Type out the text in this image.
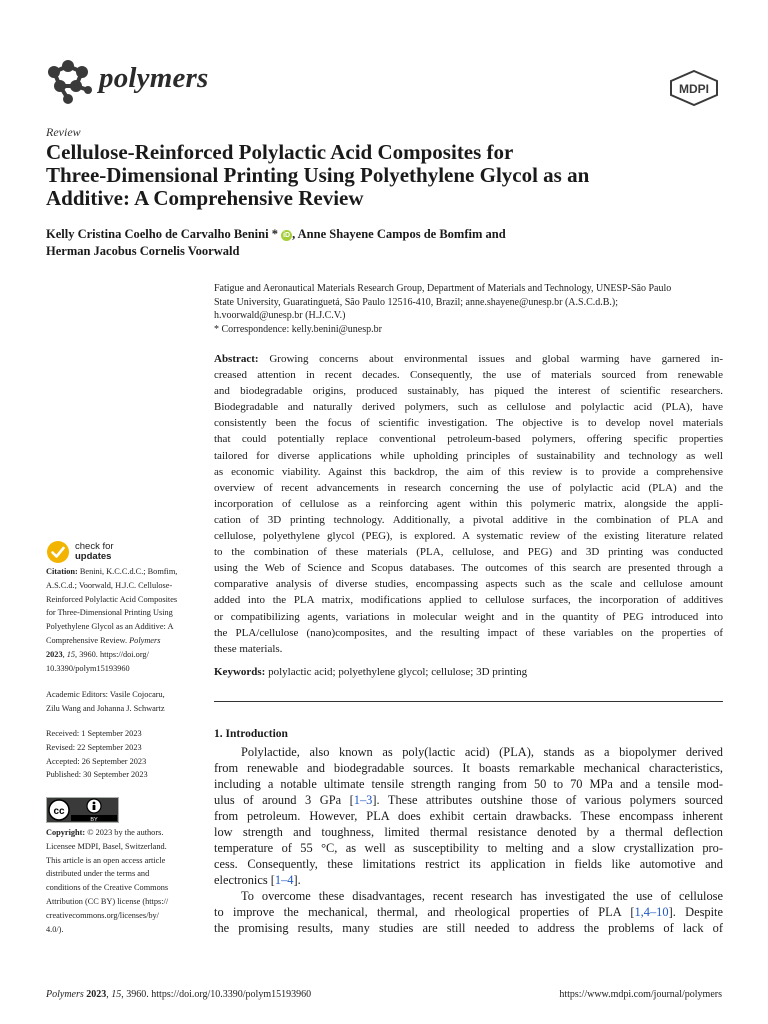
polymers	MDPI
Review
Cellulose-Reinforced Polylactic Acid Composites for
Three-Dimensional Printing Using Polyethylene Glycol as an
Additive: A Comprehensive Review
Kelly Cristina Coelho de Carvalho Benini * iD , Anne Shayene Campos de Bomfim and
Herman Jacobus Cornelis Voorwald
Fatigue and Aeronautical Materials Research Group, Department of Materials and Technology, UNESP-São Paulo
State University, Guaratinguetá, São Paulo 12516-410, Brazil; anne.shayene@unesp.br (A.S.C.d.B.);
h.voorwald@unesp.br (H.J.C.V.)
* Correspondence: kelly.benini@unesp.br
Abstract: Growing concerns about environmental issues and global warming have garnered in-
creased attention in recent decades. Consequently, the use of materials sourced from renewable
and biodegradable origins, produced sustainably, has piqued the interest of scientific researchers.
Biodegradable and naturally derived polymers, such as cellulose and polylactic acid (PLA), have
consistently been the focus of scientific investigation. The objective is to develop novel materials
that could potentially replace conventional petroleum-based polymers, offering specific properties
tailored for diverse applications while upholding principles of sustainability and technology as well
as economic viability. Against this backdrop, the aim of this review is to provide a comprehensive
overview of recent advancements in research concerning the use of polylactic acid (PLA) and the
incorporation of cellulose as a reinforcing agent within this polymeric matrix, alongside the appli-
cation of 3D printing technology. Additionally, a pivotal additive in the combination of PLA and
cellulose, polyethylene glycol (PEG), is explored. A systematic review of the existing literature related
to the combination of these materials (PLA, cellulose, and PEG) and 3D printing was conducted
using the Web of Science and Scopus databases. The outcomes of this search are presented through a
comparative analysis of diverse studies, encompassing aspects such as the scale and cellulose amount
added into the PLA matrix, modifications applied to cellulose surfaces, the incorporation of additives
or compatibilizing agents, variations in molecular weight and in the quantity of PEG introduced into
the PLA/cellulose (nano)composites, and the resulting impact of these variables on the properties of
these materials.
Keywords: polylactic acid; polyethylene glycol; cellulose; 3D printing
1. Introduction
Polylactide, also known as poly(lactic acid) (PLA), stands as a biopolymer derived
from renewable and biodegradable sources. It boasts remarkable mechanical characteristics,
including a notable ultimate tensile strength ranging from 50 to 70 MPa and a tensile mod-
ulus of around 3 GPa [1–3]. These attributes outshine those of various polymers sourced
from petroleum. However, PLA does exhibit certain drawbacks. These encompass inherent
low strength and toughness, limited thermal resistance denoted by a thermal deflection
temperature of 55 °C, as well as susceptibility to melting and a slow crystallization pro-
cess. Consequently, these limitations restrict its application in fields like automotive and
electronics [1–4].
To overcome these disadvantages, recent research has investigated the use of cellulose
to improve the mechanical, thermal, and rheological properties of PLA [1,4–10]. Despite
the promising results, many studies are still needed to address the problems of lack of
check for
updates
Citation: Benini, K.C.C.d.C.; Bomfim,
A.S.C.d.; Voorwald, H.J.C. Cellulose-
Reinforced Polylactic Acid Composites
for Three-Dimensional Printing Using
Polyethylene Glycol as an Additive: A
Comprehensive Review. Polymers
2023, 15, 3960. https://doi.org/
10.3390/polym15193960
Academic Editors: Vasile Cojocaru,
Zilu Wang and Johanna J. Schwartz
Received: 1 September 2023
Revised: 22 September 2023
Accepted: 26 September 2023
Published: 30 September 2023
cc
BY
Copyright: © 2023 by the authors.
Licensee MDPI, Basel, Switzerland.
This article is an open access article
distributed under the terms and
conditions of the Creative Commons
Attribution (CC BY) license (https://
creativecommons.org/licenses/by/
4.0/).
Polymers 2023, 15, 3960. https://doi.org/10.3390/polym15193960	https://www.mdpi.com/journal/polymers
